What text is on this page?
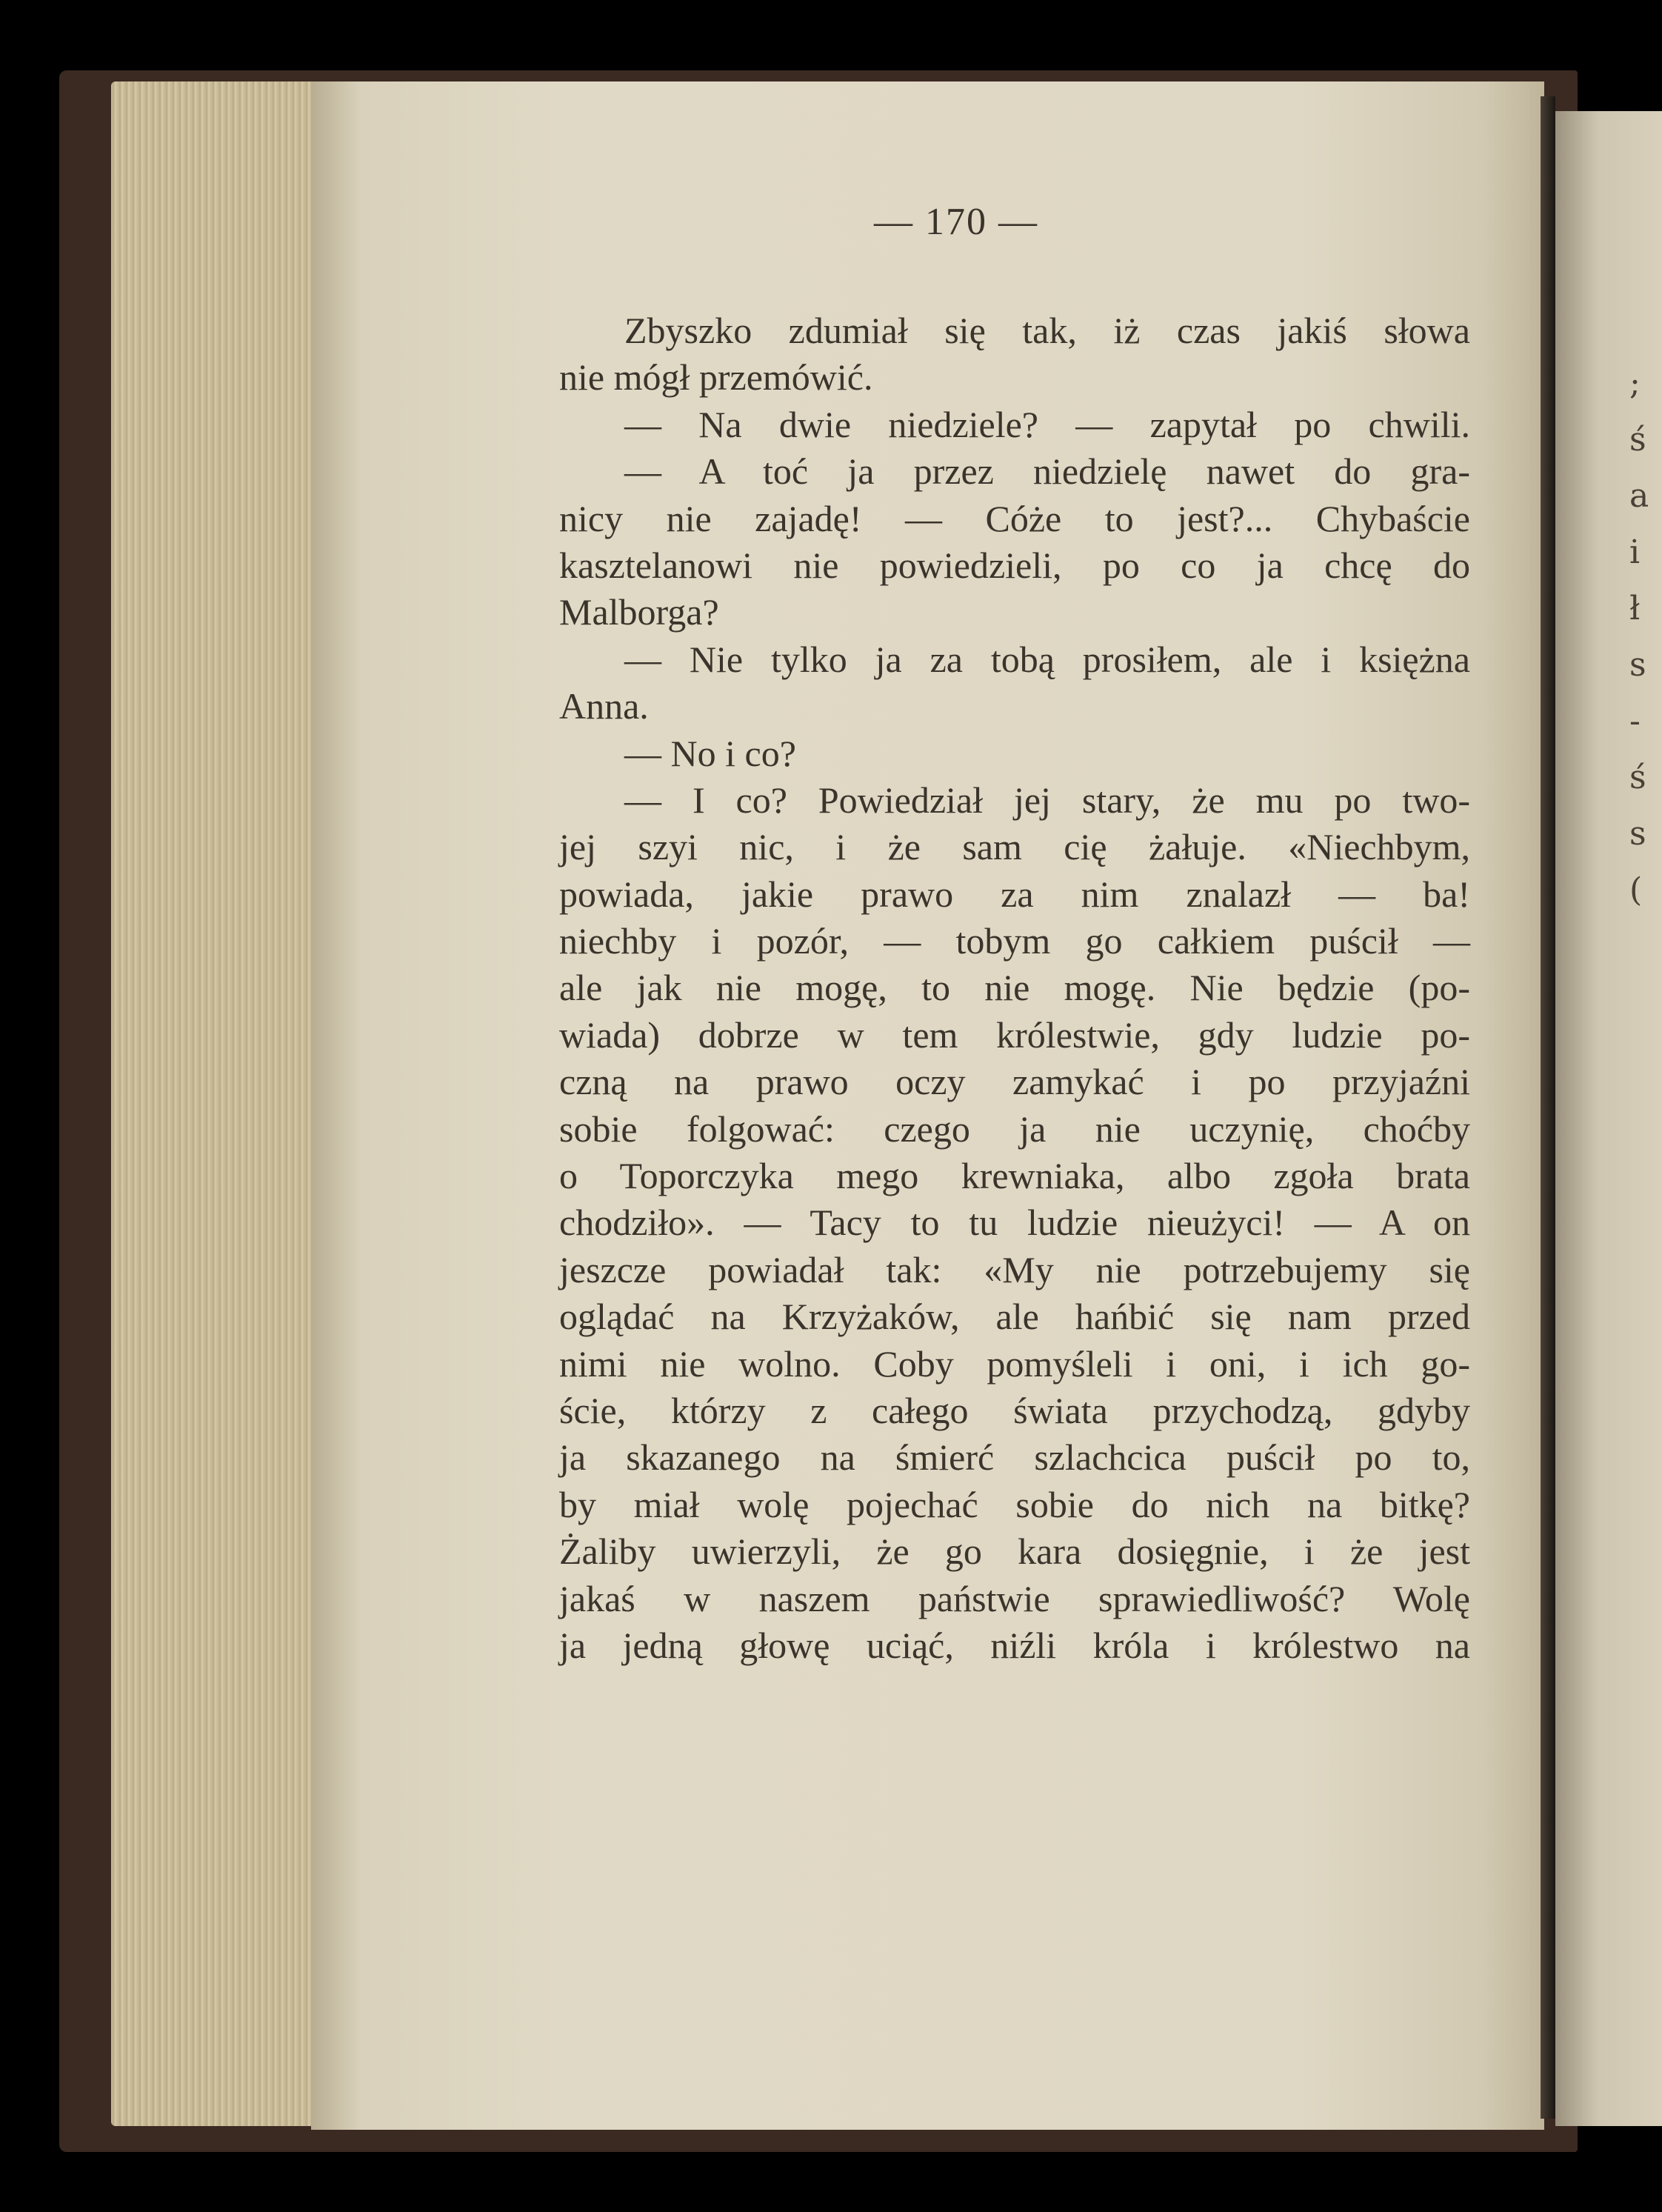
;
ś
a
i
ł
s
-
ś
s
(
— 170 —
Zbyszko zdumiał się tak, iż czas jakiś słowa
nie mógł przemówić.
— Na dwie niedziele? — zapytał po chwili.
— A toć ja przez niedzielę nawet do gra-
nicy nie zajadę! — Cóże to jest?... Chybaście
kasztelanowi nie powiedzieli, po co ja chcę do
Malborga?
— Nie tylko ja za tobą prosiłem, ale i księżna
Anna.
— No i co?
— I co? Powiedział jej stary, że mu po two-
jej szyi nic, i że sam cię żałuje. «Niechbym,
powiada, jakie prawo za nim znalazł — ba!
niechby i pozór, — tobym go całkiem puścił —
ale jak nie mogę, to nie mogę. Nie będzie (po-
wiada) dobrze w tem królestwie, gdy ludzie po-
czną na prawo oczy zamykać i po przyjaźni
sobie folgować: czego ja nie uczynię, choćby
o Toporczyka mego krewniaka, albo zgoła brata
chodziło». — Tacy to tu ludzie nieużyci! — A on
jeszcze powiadał tak: «My nie potrzebujemy się
oglądać na Krzyżaków, ale hańbić się nam przed
nimi nie wolno. Coby pomyśleli i oni, i ich go-
ście, którzy z całego świata przychodzą, gdyby
ja skazanego na śmierć szlachcica puścił po to,
by miał wolę pojechać sobie do nich na bitkę?
Żaliby uwierzyli, że go kara dosięgnie, i że jest
jakaś w naszem państwie sprawiedliwość? Wolę
ja jedną głowę uciąć, niźli króla i królestwo na
